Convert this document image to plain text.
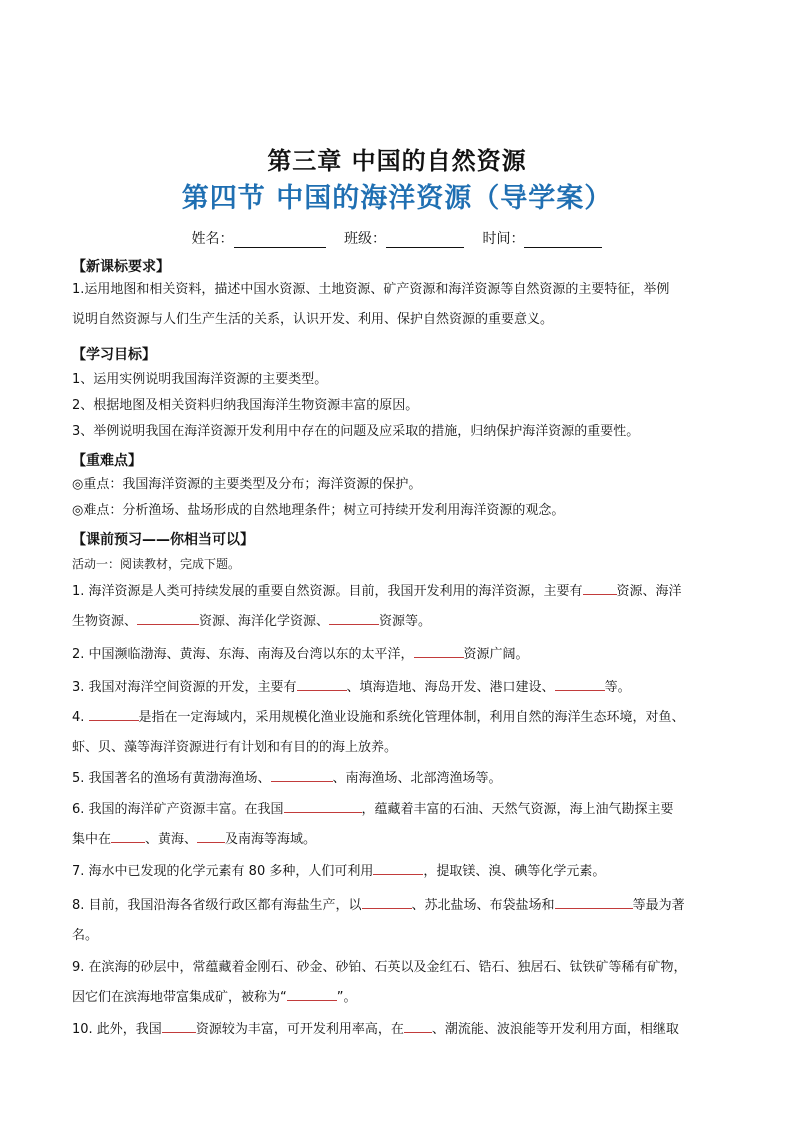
第三章 中国的自然资源
第四节 中国的海洋资源（导学案）
姓名：	班级：	时间：
【新课标要求】
1.运用地图和相关资料，描述中国水资源、土地资源、矿产资源和海洋资源等自然资源的主要特征，举例
说明自然资源与人们生产生活的关系，认识开发、利用、保护自然资源的重要意义。
【学习目标】
1、运用实例说明我国海洋资源的主要类型。
2、根据地图及相关资料归纳我国海洋生物资源丰富的原因。
3、举例说明我国在海洋资源开发利用中存在的问题及应采取的措施，归纳保护海洋资源的重要性。
【重难点】
◎重点：我国海洋资源的主要类型及分布；海洋资源的保护。
◎难点：分析渔场、盐场形成的自然地理条件；树立可持续开发利用海洋资源的观念。
【课前预习——你相当可以】
活动一：阅读教材，完成下题。
1. 海洋资源是人类可持续发展的重要自然资源。目前，我国开发利用的海洋资源，主要有	资源、海洋
生物资源、	资源、海洋化学资源、	资源等。
2. 中国濒临渤海、黄海、东海、南海及台湾以东的太平洋，	资源广阔。
3. 我国对海洋空间资源的开发，主要有	、填海造地、海岛开发、港口建设、	等。
4.	是指在一定海域内，采用规模化渔业设施和系统化管理体制，利用自然的海洋生态环境，对鱼、
虾、贝、藻等海洋资源进行有计划和有目的的海上放养。
5. 我国著名的渔场有黄渤海渔场、	、南海渔场、北部湾渔场等。
6. 我国的海洋矿产资源丰富。在我国	，蕴藏着丰富的石油、天然气资源，海上油气勘探主要
集中在	、黄海、 及南海等海域。
7. 海水中已发现的化学元素有 80 多种，人们可利用	，提取镁、溴、碘等化学元素。
8. 目前，我国沿海各省级行政区都有海盐生产，以	、苏北盐场、布袋盐场和	等最为著
名。
9. 在滨海的砂层中，常蕴藏着金刚石、砂金、砂铂、石英以及金红石、锆石、独居石、钛铁矿等稀有矿物，
因它们在滨海地带富集成矿，被称为“	”。
10. 此外，我国	资源较为丰富，可开发利用率高，在 、潮流能、波浪能等开发利用方面，相继取
